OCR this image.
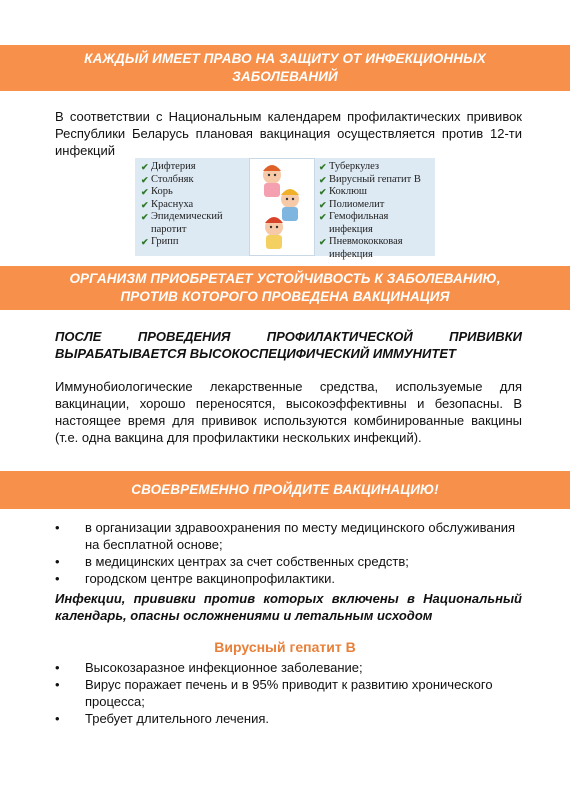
КАЖДЫЙ ИМЕЕТ ПРАВО НА ЗАЩИТУ ОТ ИНФЕКЦИОННЫХ
ЗАБОЛЕВАНИЙ

В соответствии с Национальным календарем профилактических прививок Республики Беларусь плановая вакцинация осуществляется против 12-ти инфекций

✔ Дифтерия
✔ Столбняк
✔ Корь
✔ Краснуха
✔ Эпидемический паротит
✔ Грипп
✔ Туберкулез
✔ Вирусный гепатит В
✔ Коклюш
✔ Полиомелит
✔ Гемофильная инфекция
✔ Пневмококковая инфекция
ОРГАНИЗМ ПРИОБРЕТАЕТ УСТОЙЧИВОСТЬ К ЗАБОЛЕВАНИЮ,
ПРОТИВ КОТОРОГО ПРОВЕДЕНА ВАКЦИНАЦИЯ

ПОСЛЕ ПРОВЕДЕНИЯ ПРОФИЛАКТИЧЕСКОЙ ПРИВИВКИ ВЫРАБАТЫВАЕТСЯ ВЫСОКОСПЕЦИФИЧЕСКИЙ ИММУНИТЕТ

Иммунобиологические лекарственные средства, используемые для вакцинации, хорошо переносятся, высокоэффективны и безопасны. В настоящее время для прививок используются комбинированные вакцины (т.е. одна вакцина для профилактики нескольких инфекций).

СВОЕВРЕМЕННО ПРОЙДИТЕ ВАКЦИНАЦИЮ!
•	в организации здравоохранения по месту медицинского обслуживания на бесплатной основе;
•	в медицинских центрах за счет собственных средств;
•	городском центре вакцинопрофилактики.

Инфекции, прививки против которых включены в Национальный календарь, опасны осложнениями и летальным исходом

Вирусный гепатит В

•	Высокозаразное инфекционное заболевание;
•	Вирус поражает печень и в 95% приводит к развитию хронического процесса;
•	Требует длительного лечения.
